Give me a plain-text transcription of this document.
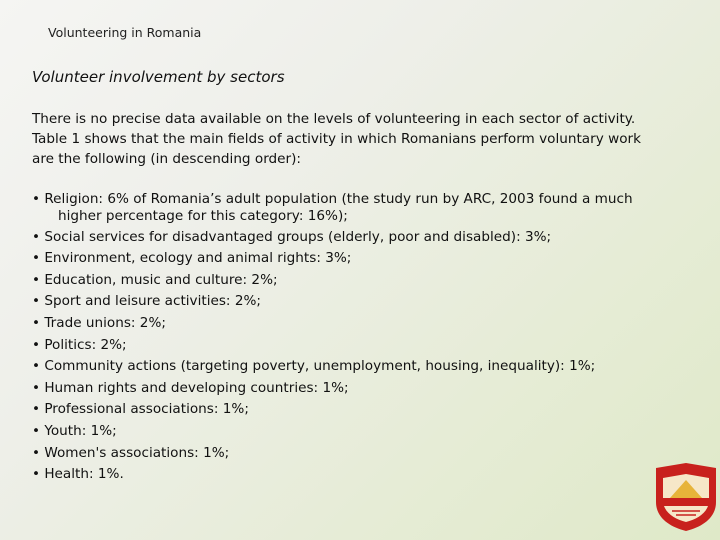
Volunteering in Romania
Volunteer involvement by sectors

There is no precise data available on the levels of volunteering in each sector of activity.
Table 1 shows that the main fields of activity in which Romanians perform voluntary work
are the following (in descending order):

• Religion: 6% of Romania’s adult population (the study run by ARC, 2003 found a much
higher percentage for this category: 16%);
• Social services for disadvantaged groups (elderly, poor and disabled): 3%;
• Environment, ecology and animal rights: 3%;
• Education, music and culture: 2%;
• Sport and leisure activities: 2%;
• Trade unions: 2%;
• Politics: 2%;
• Community actions (targeting poverty, unemployment, housing, inequality): 1%;
• Human rights and developing countries: 1%;
• Professional associations: 1%;
• Youth: 1%;
• Women's associations: 1%;
• Health: 1%.
